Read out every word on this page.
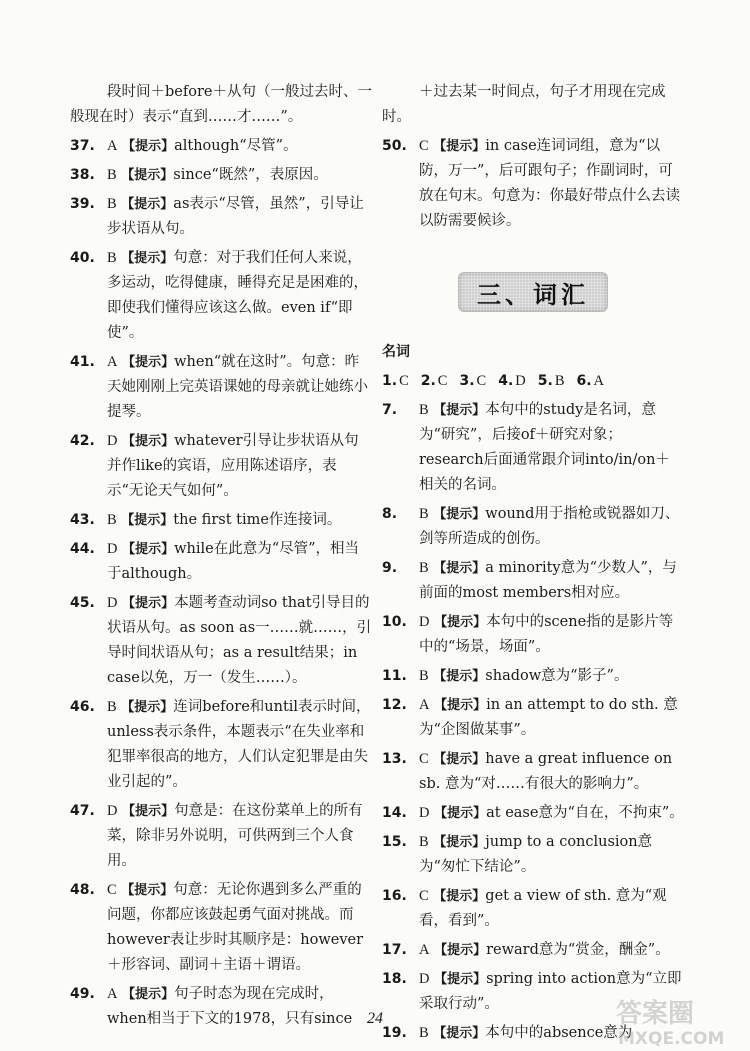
段时间＋before＋从句（一般过去时、一般现在时）表示“直到……才……”。

37. A 【提示】although“尽管”。
38. B 【提示】since“既然”，表原因。
39. B 【提示】as表示“尽管，虽然”，引导让步状语从句。
40. B 【提示】句意：对于我们任何人来说，多运动，吃得健康，睡得充足是困难的，即使我们懂得应该这么做。even if“即使”。
41. A 【提示】when“就在这时”。句意：昨天她刚刚上完英语课她的母亲就让她练小提琴。
42. D 【提示】whatever引导让步状语从句并作like的宾语，应用陈述语序，表示“无论天气如何”。
43. B 【提示】the first time作连接词。
44. D 【提示】while在此意为“尽管”，相当于although。
45. D 【提示】本题考查动词so that引导目的状语从句。as soon as一……就……，引导时间状语从句；as a result结果；in case以免，万一（发生……）。
46. B 【提示】连词before和until表示时间，unless表示条件，本题表示“在失业率和犯罪率很高的地方，人们认定犯罪是由失业引起的”。
47. D 【提示】句意是：在这份菜单上的所有菜，除非另外说明，可供两到三个人食用。
48. C 【提示】句意：无论你遇到多么严重的问题，你都应该鼓起勇气面对挑战。而however表让步时其顺序是：however＋形容词、副词＋主语＋谓语。
49. A 【提示】句子时态为现在完成时，when相当于下文的1978，只有since

＋过去某一时间点，句子才用现在完成时。

50. C 【提示】in case连词词组，意为“以防，万一”，后可跟句子；作副词时，可放在句末。句意为：你最好带点什么去读以防需要候诊。
三、词汇
名词
1. C 2. C 3. C 4. D 5. B 6. A
7. B 【提示】本句中的study是名词，意为“研究”，后接of＋研究对象；research后面通常跟介词into/in/on＋相关的名词。
8. B 【提示】wound用于指枪或锐器如刀、剑等所造成的创伤。
9. B 【提示】a minority意为“少数人”，与前面的most members相对应。
10. D 【提示】本句中的scene指的是影片等中的“场景，场面”。
11. B 【提示】shadow意为“影子”。
12. A 【提示】in an attempt to do sth. 意为“企图做某事”。
13. C 【提示】have a great influence on sb. 意为“对……有很大的影响力”。
14. D 【提示】at ease意为“自在，不拘束”。
15. B 【提示】jump to a conclusion意为“匆忙下结论”。
16. C 【提示】get a view of sth. 意为“观看，看到”。
17. A 【提示】reward意为“赏金，酬金”。
18. D 【提示】spring into action意为“立即采取行动”。
19. B 【提示】本句中的absence意为
24	答案圈
MXQE.COM
